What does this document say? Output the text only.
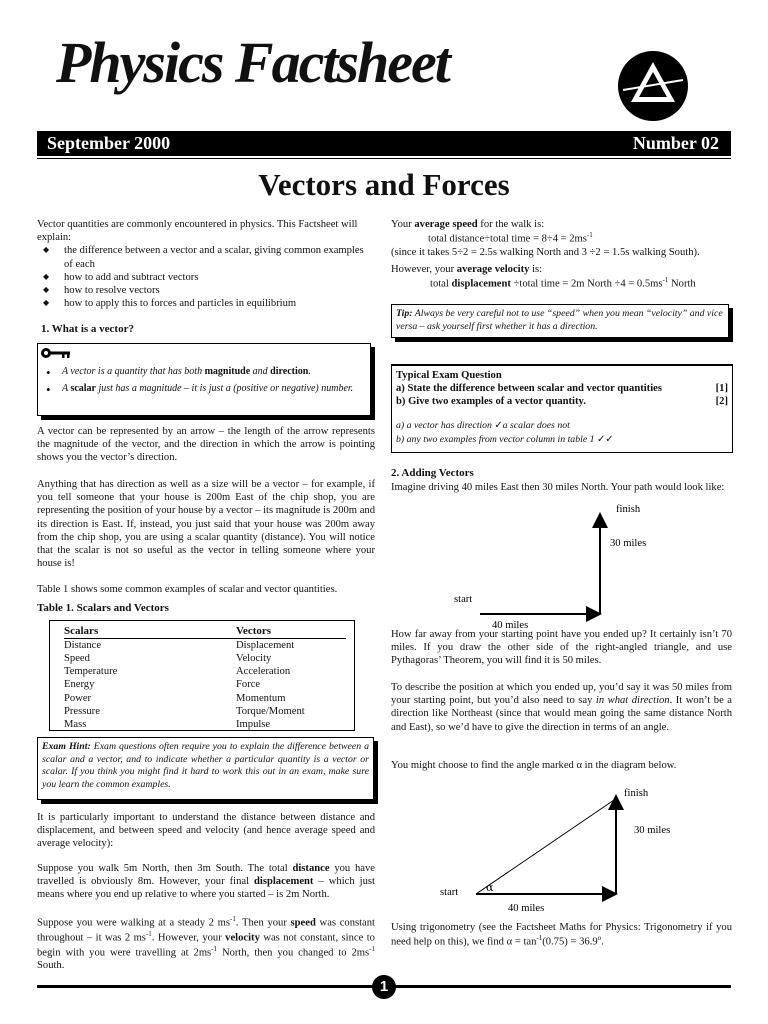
Physics Factsheet
September 2000	Number 02
Vectors and Forces

Vector quantities are commonly encountered in physics. This Factsheet will explain:

◆ the difference between a vector and a scalar, giving common examples of each
◆ how to add and subtract vectors
◆ how to resolve vectors
◆ how to apply this to forces and particles in equilibrium
1. What is a vector?
• A vector is a quantity that has both magnitude and direction.
• A scalar just has a magnitude – it is just a (positive or negative) number.

A vector can be represented by an arrow – the length of the arrow represents the magnitude of the vector, and the direction in which the arrow is pointing shows you the vector’s direction.

Anything that has direction as well as a size will be a vector – for example, if you tell someone that your house is 200m East of the chip shop, you are representing the position of your house by a vector – its magnitude is 200m and its direction is East. If, instead, you just said that your house was 200m away from the chip shop, you are using a scalar quantity (distance). You will notice that the scalar is not so useful as the vector in telling someone where your house is!

Table 1 shows some common examples of scalar and vector quantities.

Table 1. Scalars and Vectors
Scalars	Vectors
Distance	Displacement
Speed	Velocity
Temperature	Acceleration
Energy	Force
Power	Momentum
Pressure	Torque/Moment
Mass	Impulse
Exam Hint: Exam questions often require you to explain the difference between a scalar and a vector, and to indicate whether a particular quantity is a vector or scalar. If you think you might find it hard to work this out in an exam, make sure you learn the common examples.

It is particularly important to understand the distance between distance and displacement, and between speed and velocity (and hence average speed and average velocity):

Suppose you walk 5m North, then 3m South. The total distance you have travelled is obviously 8m. However, your final displacement – which just means where you end up relative to where you started – is 2m North.

Suppose you were walking at a steady 2 $ms^{-1}$. Then your speed was constant throughout – it was 2 $ms^{-1}$. However, your velocity was not constant, since to begin with you were travelling at $2ms^{-1}$ North, then you changed to $2ms^{-1}$ South.

Your average speed for the walk is:

total distance÷total time = $8\div 4 = 2ms^{-1}$

(since it takes 5÷2 = 2.5s walking North and 3 ÷2 = 1.5s walking South).

However, your average velocity is:

total displacement ÷total time = 2m North $\div 4 = 0.5ms^{-1}$ North

Tip: Always be very careful not to use “speed” when you mean “velocity” and vice versa – ask yourself first whether it has a direction.
Typical Exam Question
a) State the difference between scalar and vector quantities	[1]
b) Give two examples of a vector quantity.	[2]
a) a vector has direction ✓a scalar does not
b) any two examples from vector column in table 1 ✓✓
2. Adding Vectors

Imagine driving 40 miles East then 30 miles North. Your path would look like:

finish
30 miles
start
40 miles

How far away from your starting point have you ended up? It certainly isn’t 70 miles. If you draw the other side of the right-angled triangle, and use Pythagoras’ Theorem, you will find it is 50 miles.

To describe the position at which you ended up, you’d say it was 50 miles from your starting point, but you’d also need to say in what direction. It won’t be a direction like Northeast (since that would mean going the same distance North and East), so we’d have to give the direction in terms of an angle.

You might choose to find the angle marked α in the diagram below.

finish
30 miles
start	α
40 miles

Using trigonometry (see the Factsheet Maths for Physics: Trigonometry if you need help on this), we find $\alpha = \tan^{-1}(0.75) = 36.9^o$.

1
